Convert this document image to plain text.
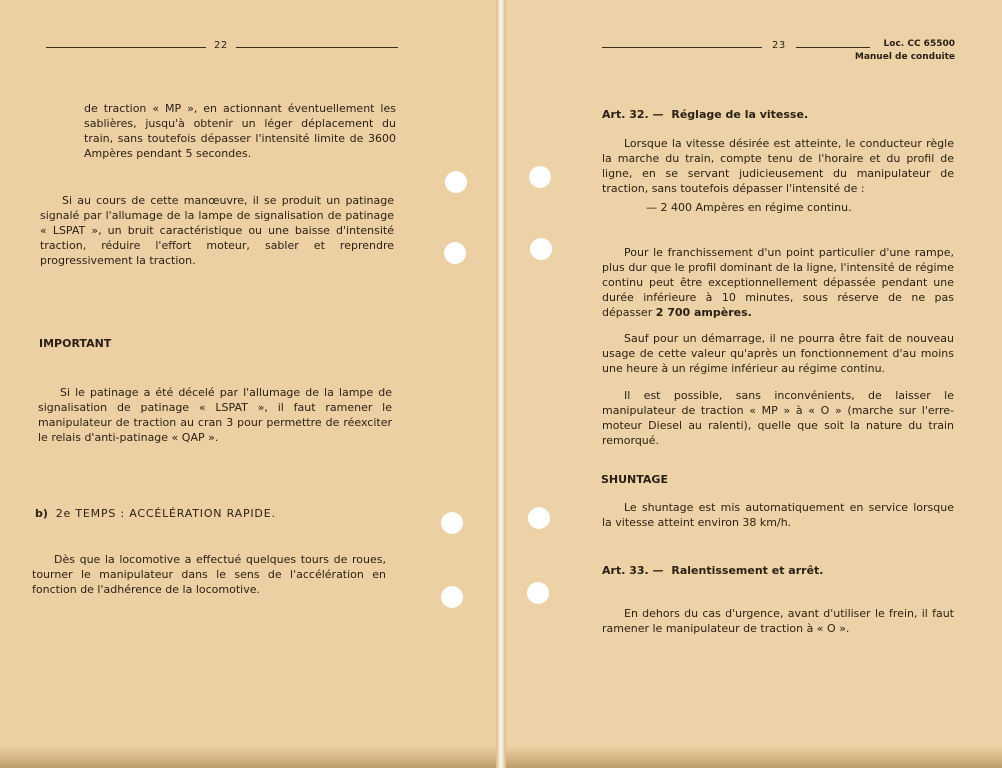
22

de traction « MP », en actionnant éventuellement les sablières, jusqu'à obtenir un léger déplacement du train, sans toutefois dépasser l'intensité limite de 3600 Ampères pendant 5 secondes.

Si au cours de cette manœuvre, il se produit un patinage signalé par l'allumage de la lampe de signalisation de patinage « LSPAT », un bruit caractéristique ou une baisse d'intensité traction, réduire l'effort moteur, sabler et reprendre progressivement la traction.

IMPORTANT

Si le patinage a été décelé par l'allumage de la lampe de signalisation de patinage « LSPAT », il faut ramener le manipulateur de traction au cran 3 pour permettre de réexciter le relais d'anti-patinage « QAP ».

b) 2e TEMPS : ACCÉLÉRATION RAPIDE.

Dès que la locomotive a effectué quelques tours de roues, tourner le manipulateur dans le sens de l'accélération en fonction de l'adhérence de la locomotive.

23	Loc. CC 65500
Manuel de conduite
Art. 32. — Réglage de la vitesse.

Lorsque la vitesse désirée est atteinte, le conducteur règle la marche du train, compte tenu de l'horaire et du profil de ligne, en se servant judicieusement du manipulateur de traction, sans toutefois dépasser l'intensité de :

— 2 400 Ampères en régime continu.

Pour le franchissement d'un point particulier d'une rampe, plus dur que le profil dominant de la ligne, l'intensité de régime continu peut être exceptionnellement dépassée pendant une durée inférieure à 10 minutes, sous réserve de ne pas dépasser 2 700 ampères.

Sauf pour un démarrage, il ne pourra être fait de nouveau usage de cette valeur qu'après un fonctionnement d'au moins une heure à un régime inférieur au régime continu.

Il est possible, sans inconvénients, de laisser le manipulateur de traction « MP » à « O » (marche sur l'erre-moteur Diesel au ralenti), quelle que soit la nature du train remorqué.

SHUNTAGE

Le shuntage est mis automatiquement en service lorsque la vitesse atteint environ 38 km/h.

Art. 33. — Ralentissement et arrêt.

En dehors du cas d'urgence, avant d'utiliser le frein, il faut ramener le manipulateur de traction à « O ».
